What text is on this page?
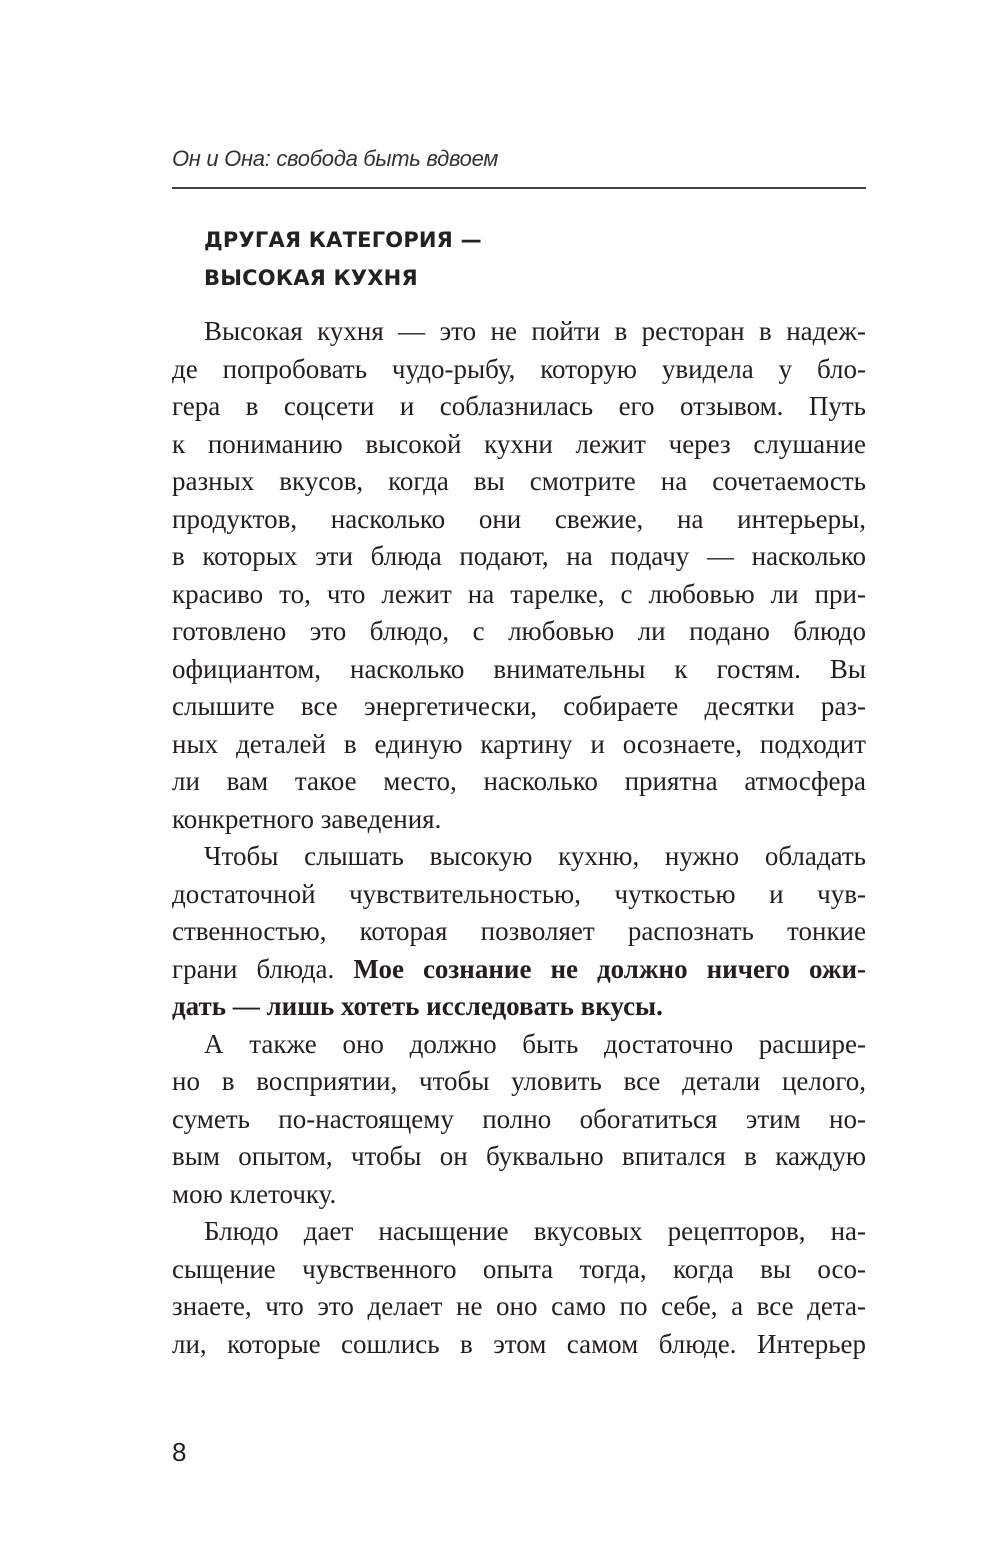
Он и Она: свобода быть вдвоем
ДРУГАЯ КАТЕГОРИЯ —
ВЫСОКАЯ КУХНЯ
Высокая кухня — это не пойти в ресторан в надеж-
де попробовать чудо-рыбу, которую увидела у бло-
гера в соцсети и соблазнилась его отзывом. Путь
к пониманию высокой кухни лежит через слушание
разных вкусов, когда вы смотрите на сочетаемость
продуктов, насколько они свежие, на интерьеры,
в которых эти блюда подают, на подачу — насколько
красиво то, что лежит на тарелке, с любовью ли при-
готовлено это блюдо, с любовью ли подано блюдо
официантом, насколько внимательны к гостям. Вы
слышите все энергетически, собираете десятки раз-
ных деталей в единую картину и осознаете, подходит
ли вам такое место, насколько приятна атмосфера
конкретного заведения.
Чтобы слышать высокую кухню, нужно обладать
достаточной чувствительностью, чуткостью и чув-
ственностью, которая позволяет распознать тонкие
грани блюда. Мое сознание не должно ничего ожи-
дать — лишь хотеть исследовать вкусы.
А также оно должно быть достаточно расшире-
но в восприятии, чтобы уловить все детали целого,
суметь по-настоящему полно обогатиться этим но-
вым опытом, чтобы он буквально впитался в каждую
мою клеточку.
Блюдо дает насыщение вкусовых рецепторов, на-
сыщение чувственного опыта тогда, когда вы осо-
знаете, что это делает не оно само по себе, а все дета-
ли, которые сошлись в этом самом блюде. Интерьер
8
